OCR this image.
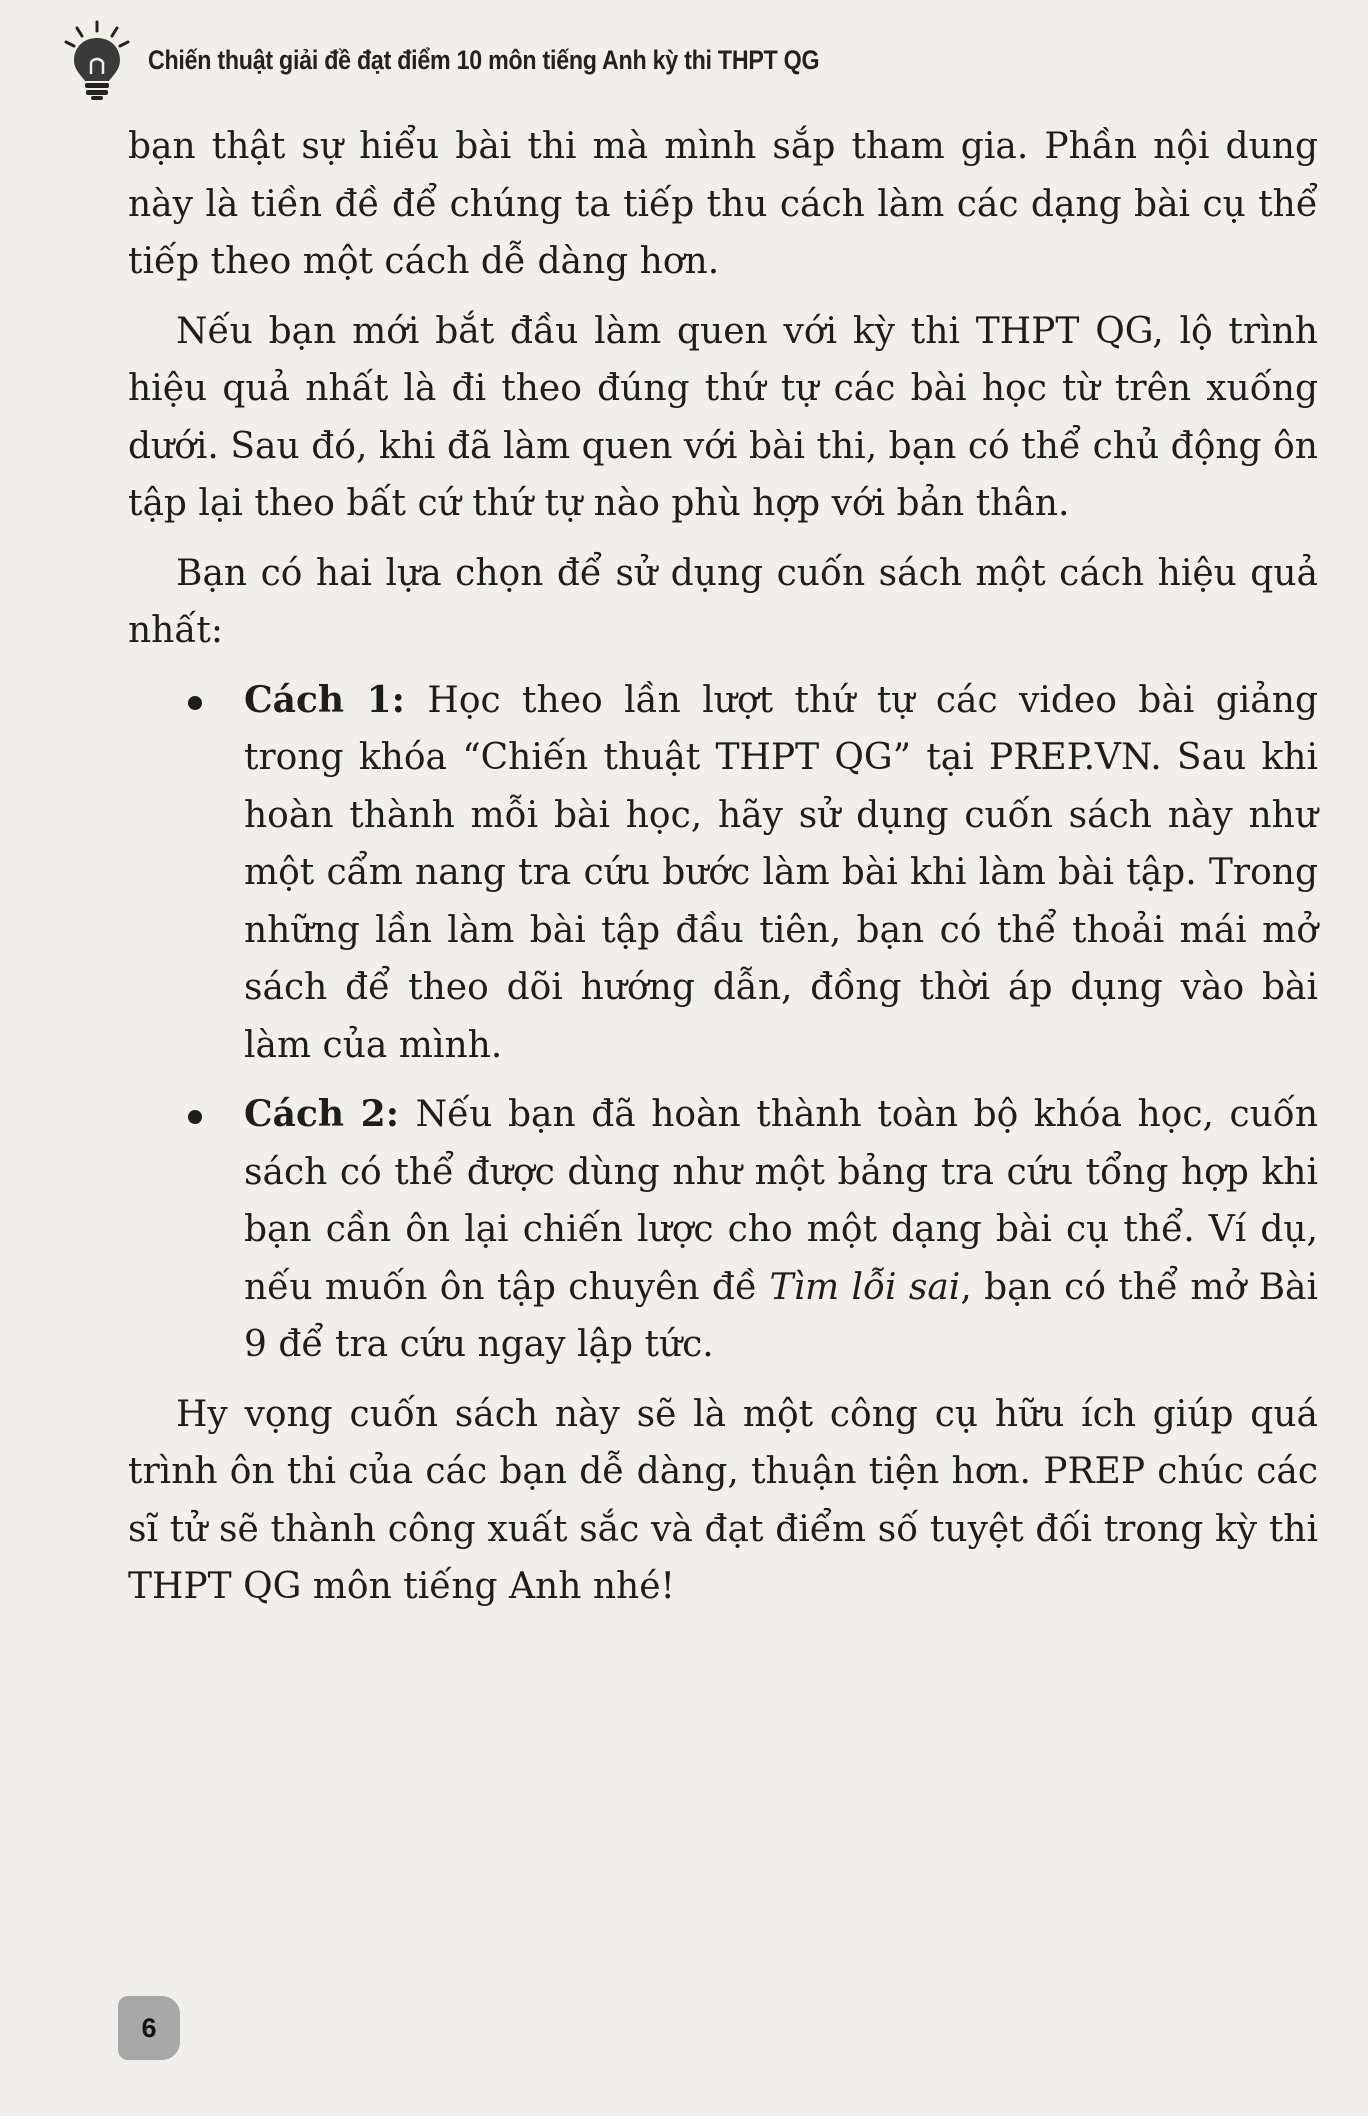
Chiến thuật giải đề đạt điểm 10 môn tiếng Anh kỳ thi THPT QG

bạn thật sự hiểu bài thi mà mình sắp tham gia. Phần nội dung này là tiền đề để chúng ta tiếp thu cách làm các dạng bài cụ thể tiếp theo một cách dễ dàng hơn.

Nếu bạn mới bắt đầu làm quen với kỳ thi THPT QG, lộ trình hiệu quả nhất là đi theo đúng thứ tự các bài học từ trên xuống dưới. Sau đó, khi đã làm quen với bài thi, bạn có thể chủ động ôn tập lại theo bất cứ thứ tự nào phù hợp với bản thân.

Bạn có hai lựa chọn để sử dụng cuốn sách một cách hiệu quả nhất:

Cách 1: Học theo lần lượt thứ tự các video bài giảng trong khóa “Chiến thuật THPT QG” tại PREP.VN. Sau khi hoàn thành mỗi bài học, hãy sử dụng cuốn sách này như một cẩm nang tra cứu bước làm bài khi làm bài tập. Trong những lần làm bài tập đầu tiên, bạn có thể thoải mái mở sách để theo dõi hướng dẫn, đồng thời áp dụng vào bài làm của mình.
Cách 2: Nếu bạn đã hoàn thành toàn bộ khóa học, cuốn sách có thể được dùng như một bảng tra cứu tổng hợp khi bạn cần ôn lại chiến lược cho một dạng bài cụ thể. Ví dụ, nếu muốn ôn tập chuyên đề Tìm lỗi sai, bạn có thể mở Bài 9 để tra cứu ngay lập tức.

Hy vọng cuốn sách này sẽ là một công cụ hữu ích giúp quá trình ôn thi của các bạn dễ dàng, thuận tiện hơn. PREP chúc các sĩ tử sẽ thành công xuất sắc và đạt điểm số tuyệt đối trong kỳ thi THPT QG môn tiếng Anh nhé!

6
